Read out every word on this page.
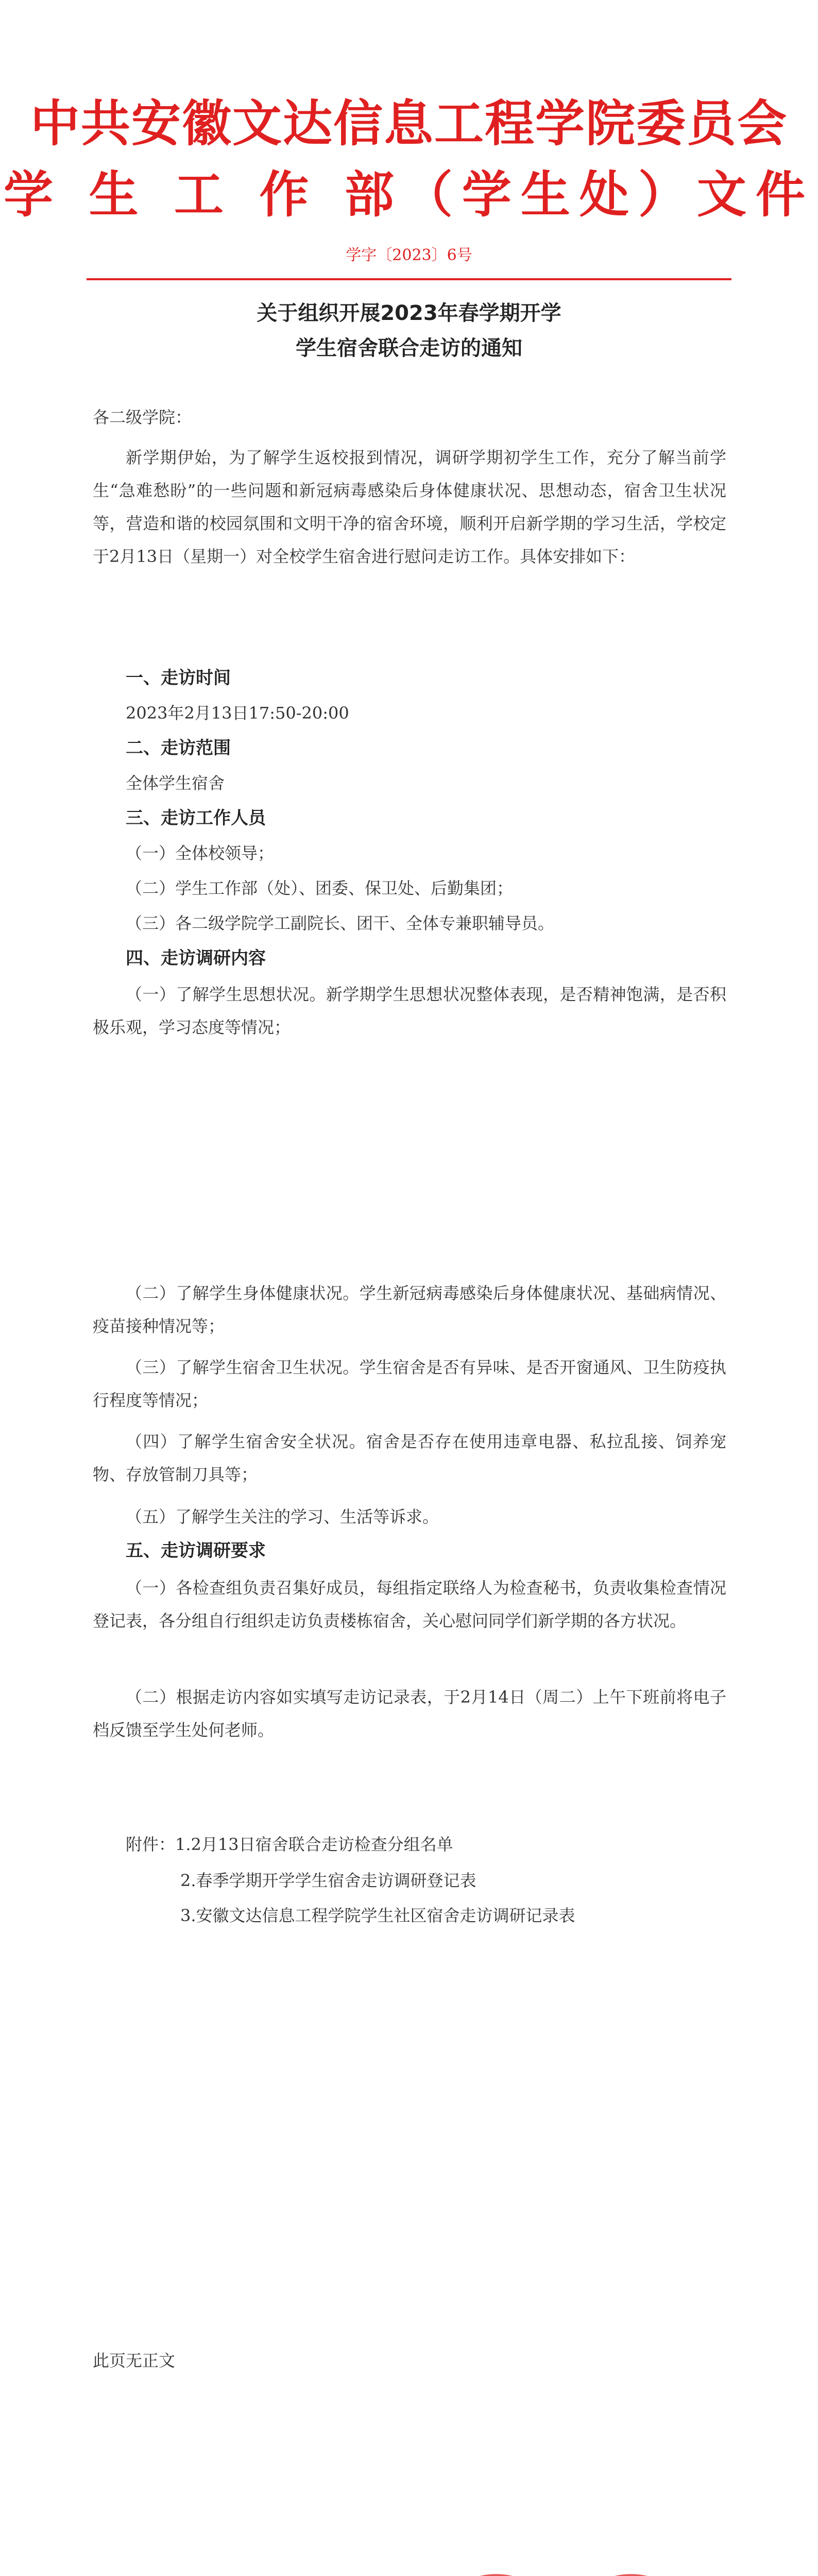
中共安徽文达信息工程学院委员会
学 生 工 作 部（学生处）文件
学字〔2023〕6号
关于组织开展2023年春学期开学
学生宿舍联合走访的通知
各二级学院：
新学期伊始，为了解学生返校报到情况，调研学期初学生工作，充分了解当前学生“急难愁盼”的一些问题和新冠病毒感染后身体健康状况、思想动态，宿舍卫生状况等，营造和谐的校园氛围和文明干净的宿舍环境，顺利开启新学期的学习生活，学校定于2月13日（星期一）对全校学生宿舍进行慰问走访工作。具体安排如下：
一、走访时间
2023年2月13日17:50-20:00
二、走访范围
全体学生宿舍
三、走访工作人员
（一）全体校领导；
（二）学生工作部（处）、团委、保卫处、后勤集团；
（三）各二级学院学工副院长、团干、全体专兼职辅导员。
四、走访调研内容
（一）了解学生思想状况。新学期学生思想状况整体表现，是否精神饱满，是否积极乐观，学习态度等情况；
（二）了解学生身体健康状况。学生新冠病毒感染后身体健康状况、基础病情况、疫苗接种情况等；
（三）了解学生宿舍卫生状况。学生宿舍是否有异味、是否开窗通风、卫生防疫执行程度等情况；
（四）了解学生宿舍安全状况。宿舍是否存在使用违章电器、私拉乱接、饲养宠物、存放管制刀具等；
（五）了解学生关注的学习、生活等诉求。
五、走访调研要求
（一）各检查组负责召集好成员，每组指定联络人为检查秘书，负责收集检查情况登记表，各分组自行组织走访负责楼栋宿舍，关心慰问同学们新学期的各方状况。
（二）根据走访内容如实填写走访记录表，于2月14日（周二）上午下班前将电子档反馈至学生处何老师。
附件：1.2月13日宿舍联合走访检查分组名单
2.春季学期开学学生宿舍走访调研登记表
3.安徽文达信息工程学院学生社区宿舍走访调研记录表
此页无正文
